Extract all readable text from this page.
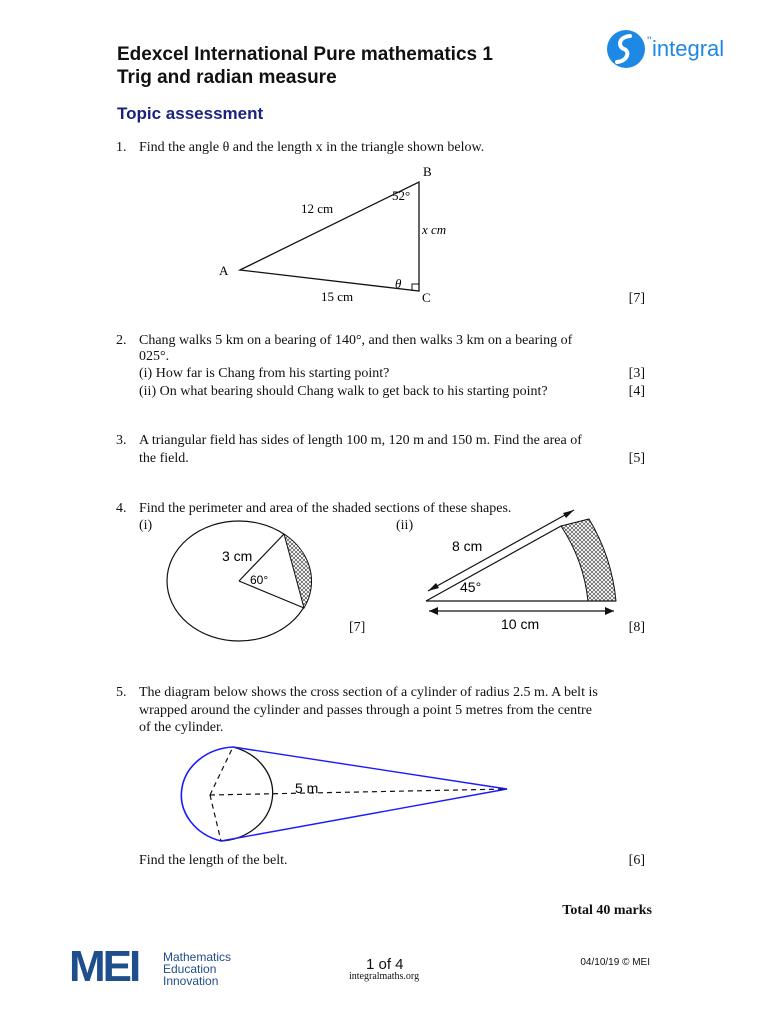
Edexcel International Pure mathematics 1
Trig and radian measure
Topic assessment
integral
''
1. Find the angle θ and the length x in the triangle shown below.
B
A
C
12 cm
15 cm
x cm
52°
θ
[7]
2. Chang walks 5 km on a bearing of 140°, and then walks 3 km on a bearing of
025°.
(i) How far is Chang from his starting point?	[3]
(ii) On what bearing should Chang walk to get back to his starting point?	[4]
3. A triangular field has sides of length 100 m, 120 m and 150 m. Find the area of
the field.	[5]
4. Find the perimeter and area of the shaded sections of these shapes.
(i)	(ii)
3 cm
60°
8 cm
45°
10 cm
[7]	[8]
5. The diagram below shows the cross section of a cylinder of radius 2.5 m. A belt is
wrapped around the cylinder and passes through a point 5 metres from the centre
of the cylinder.
5 m
Find the length of the belt.	[6]
Total 40 marks
MEI Mathematics
Education
Innovation
1 of 4
integralmaths.org
04/10/19 © MEI
